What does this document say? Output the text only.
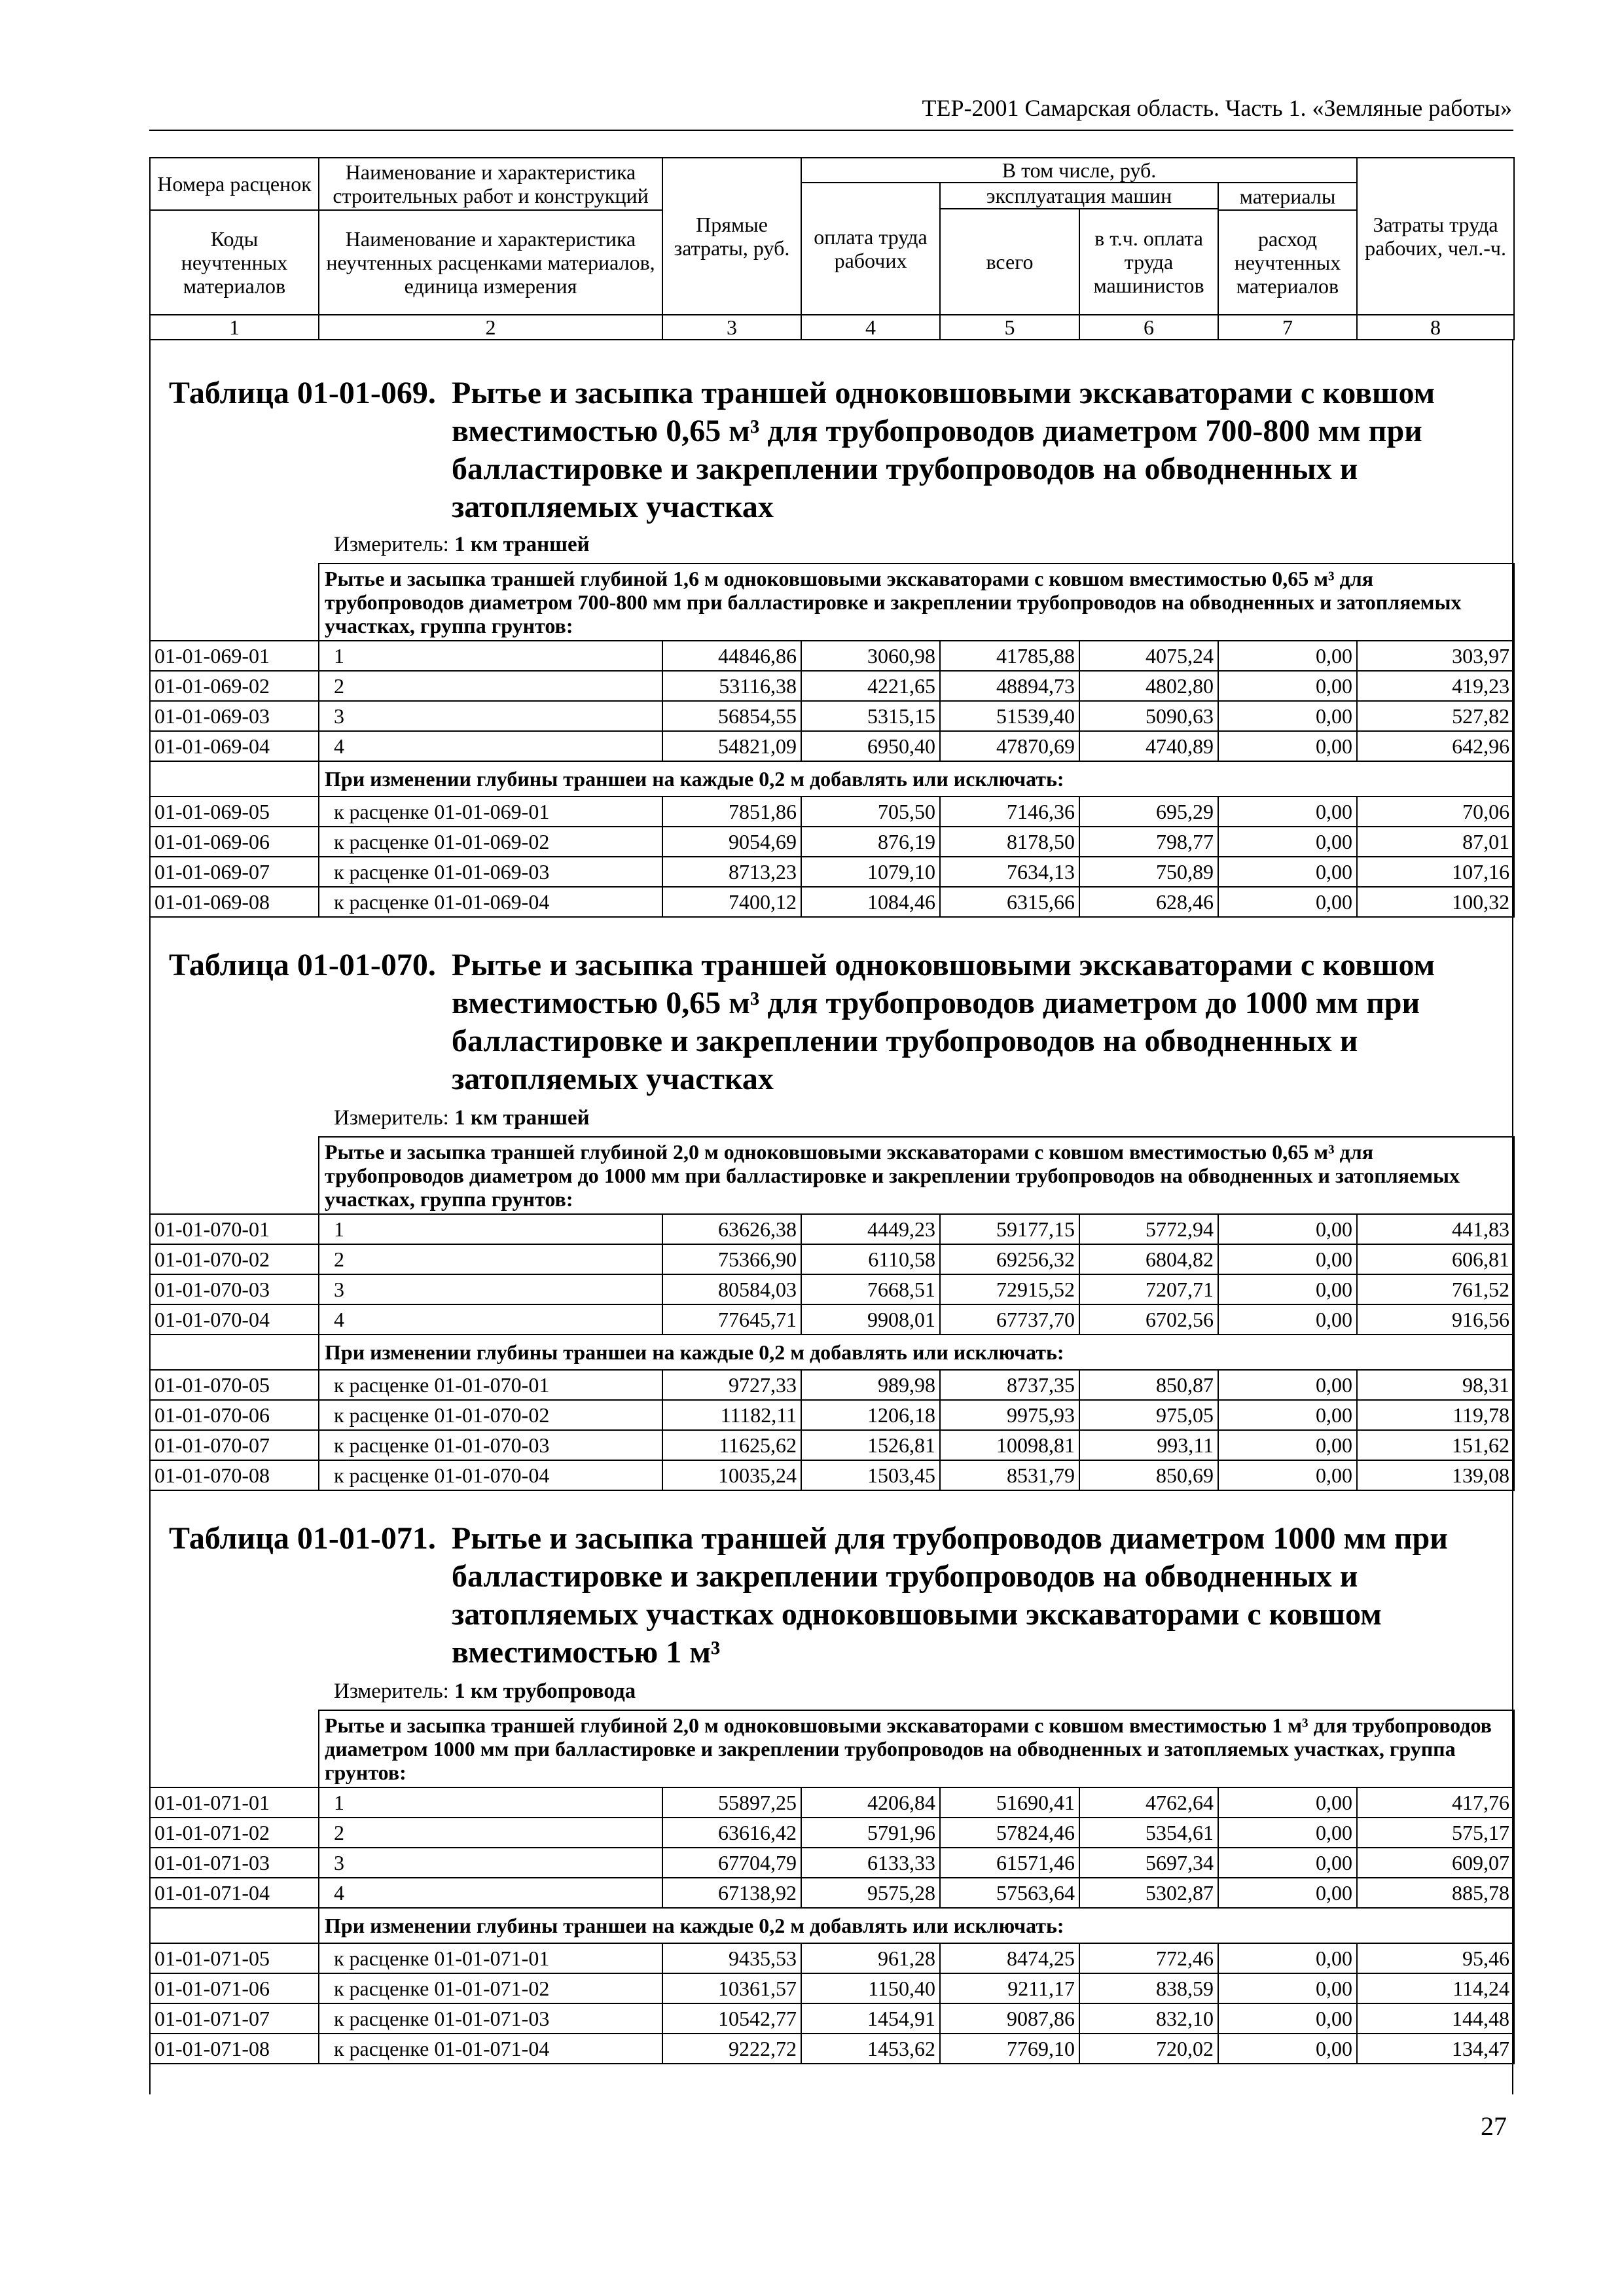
ТЕР-2001 Самарская область. Часть 1. «Земляные работы»
Номера расценок	Наименование и характеристика строительных работ и конструкций	Прямые затраты, руб.	В том числе, руб.				Затраты труда рабочих, чел.-ч.
			оплата труда рабочих	эксплуатация машин		материалы	
				всего	в т.ч. оплата труда машинистов		
Коды неучтенных материалов	Наименование и характеристика неучтенных расценками материалов, единица измерения					расход неучтенных материалов	

1	2	3	4	5	6	7	8
Таблица 01-01-069. Рытье и засыпка траншей одноковшовыми экскаваторами с ковшом вместимостью 0,65 м³ для трубопроводов диаметром 700-800 мм при балластировке и закреплении трубопроводов на обводненных и затопляемых участках
Измеритель: 1 км траншей
	Рытье и засыпка траншей глубиной 1,6 м одноковшовыми экскаваторами с ковшом вместимостью 0,65 м³ для трубопроводов диаметром 700-800 мм при балластировке и закреплении трубопроводов на обводненных и затопляемых участках, группа грунтов:						
01-01-069-01	1	44846,86	3060,98	41785,88	4075,24	0,00	303,97
01-01-069-02	2	53116,38	4221,65	48894,73	4802,80	0,00	419,23
01-01-069-03	3	56854,55	5315,15	51539,40	5090,63	0,00	527,82
01-01-069-04	4	54821,09	6950,40	47870,69	4740,89	0,00	642,96
	При изменении глубины траншеи на каждые 0,2 м добавлять или исключать:						
01-01-069-05	к расценке 01-01-069-01	7851,86	705,50	7146,36	695,29	0,00	70,06
01-01-069-06	к расценке 01-01-069-02	9054,69	876,19	8178,50	798,77	0,00	87,01
01-01-069-07	к расценке 01-01-069-03	8713,23	1079,10	7634,13	750,89	0,00	107,16
01-01-069-08	к расценке 01-01-069-04	7400,12	1084,46	6315,66	628,46	0,00	100,32
Таблица 01-01-070. Рытье и засыпка траншей одноковшовыми экскаваторами с ковшом вместимостью 0,65 м³ для трубопроводов диаметром до 1000 мм при балластировке и закреплении трубопроводов на обводненных и затопляемых участках
Измеритель: 1 км траншей
	Рытье и засыпка траншей глубиной 2,0 м одноковшовыми экскаваторами с ковшом вместимостью 0,65 м³ для трубопроводов диаметром до 1000 мм при балластировке и закреплении трубопроводов на обводненных и затопляемых участках, группа грунтов:						
01-01-070-01	1	63626,38	4449,23	59177,15	5772,94	0,00	441,83
01-01-070-02	2	75366,90	6110,58	69256,32	6804,82	0,00	606,81
01-01-070-03	3	80584,03	7668,51	72915,52	7207,71	0,00	761,52
01-01-070-04	4	77645,71	9908,01	67737,70	6702,56	0,00	916,56
	При изменении глубины траншеи на каждые 0,2 м добавлять или исключать:						
01-01-070-05	к расценке 01-01-070-01	9727,33	989,98	8737,35	850,87	0,00	98,31
01-01-070-06	к расценке 01-01-070-02	11182,11	1206,18	9975,93	975,05	0,00	119,78
01-01-070-07	к расценке 01-01-070-03	11625,62	1526,81	10098,81	993,11	0,00	151,62
01-01-070-08	к расценке 01-01-070-04	10035,24	1503,45	8531,79	850,69	0,00	139,08
Таблица 01-01-071. Рытье и засыпка траншей для трубопроводов диаметром 1000 мм при балластировке и закреплении трубопроводов на обводненных и затопляемых участках одноковшовыми экскаваторами с ковшом вместимостью 1 м³
Измеритель: 1 км трубопровода
	Рытье и засыпка траншей глубиной 2,0 м одноковшовыми экскаваторами с ковшом вместимостью 1 м³ для трубопроводов диаметром 1000 мм при балластировке и закреплении трубопроводов на обводненных и затопляемых участках, группа грунтов:						
01-01-071-01	1	55897,25	4206,84	51690,41	4762,64	0,00	417,76
01-01-071-02	2	63616,42	5791,96	57824,46	5354,61	0,00	575,17
01-01-071-03	3	67704,79	6133,33	61571,46	5697,34	0,00	609,07
01-01-071-04	4	67138,92	9575,28	57563,64	5302,87	0,00	885,78
	При изменении глубины траншеи на каждые 0,2 м добавлять или исключать:						
01-01-071-05	к расценке 01-01-071-01	9435,53	961,28	8474,25	772,46	0,00	95,46
01-01-071-06	к расценке 01-01-071-02	10361,57	1150,40	9211,17	838,59	0,00	114,24
01-01-071-07	к расценке 01-01-071-03	10542,77	1454,91	9087,86	832,10	0,00	144,48
01-01-071-08	к расценке 01-01-071-04	9222,72	1453,62	7769,10	720,02	0,00	134,47
27
